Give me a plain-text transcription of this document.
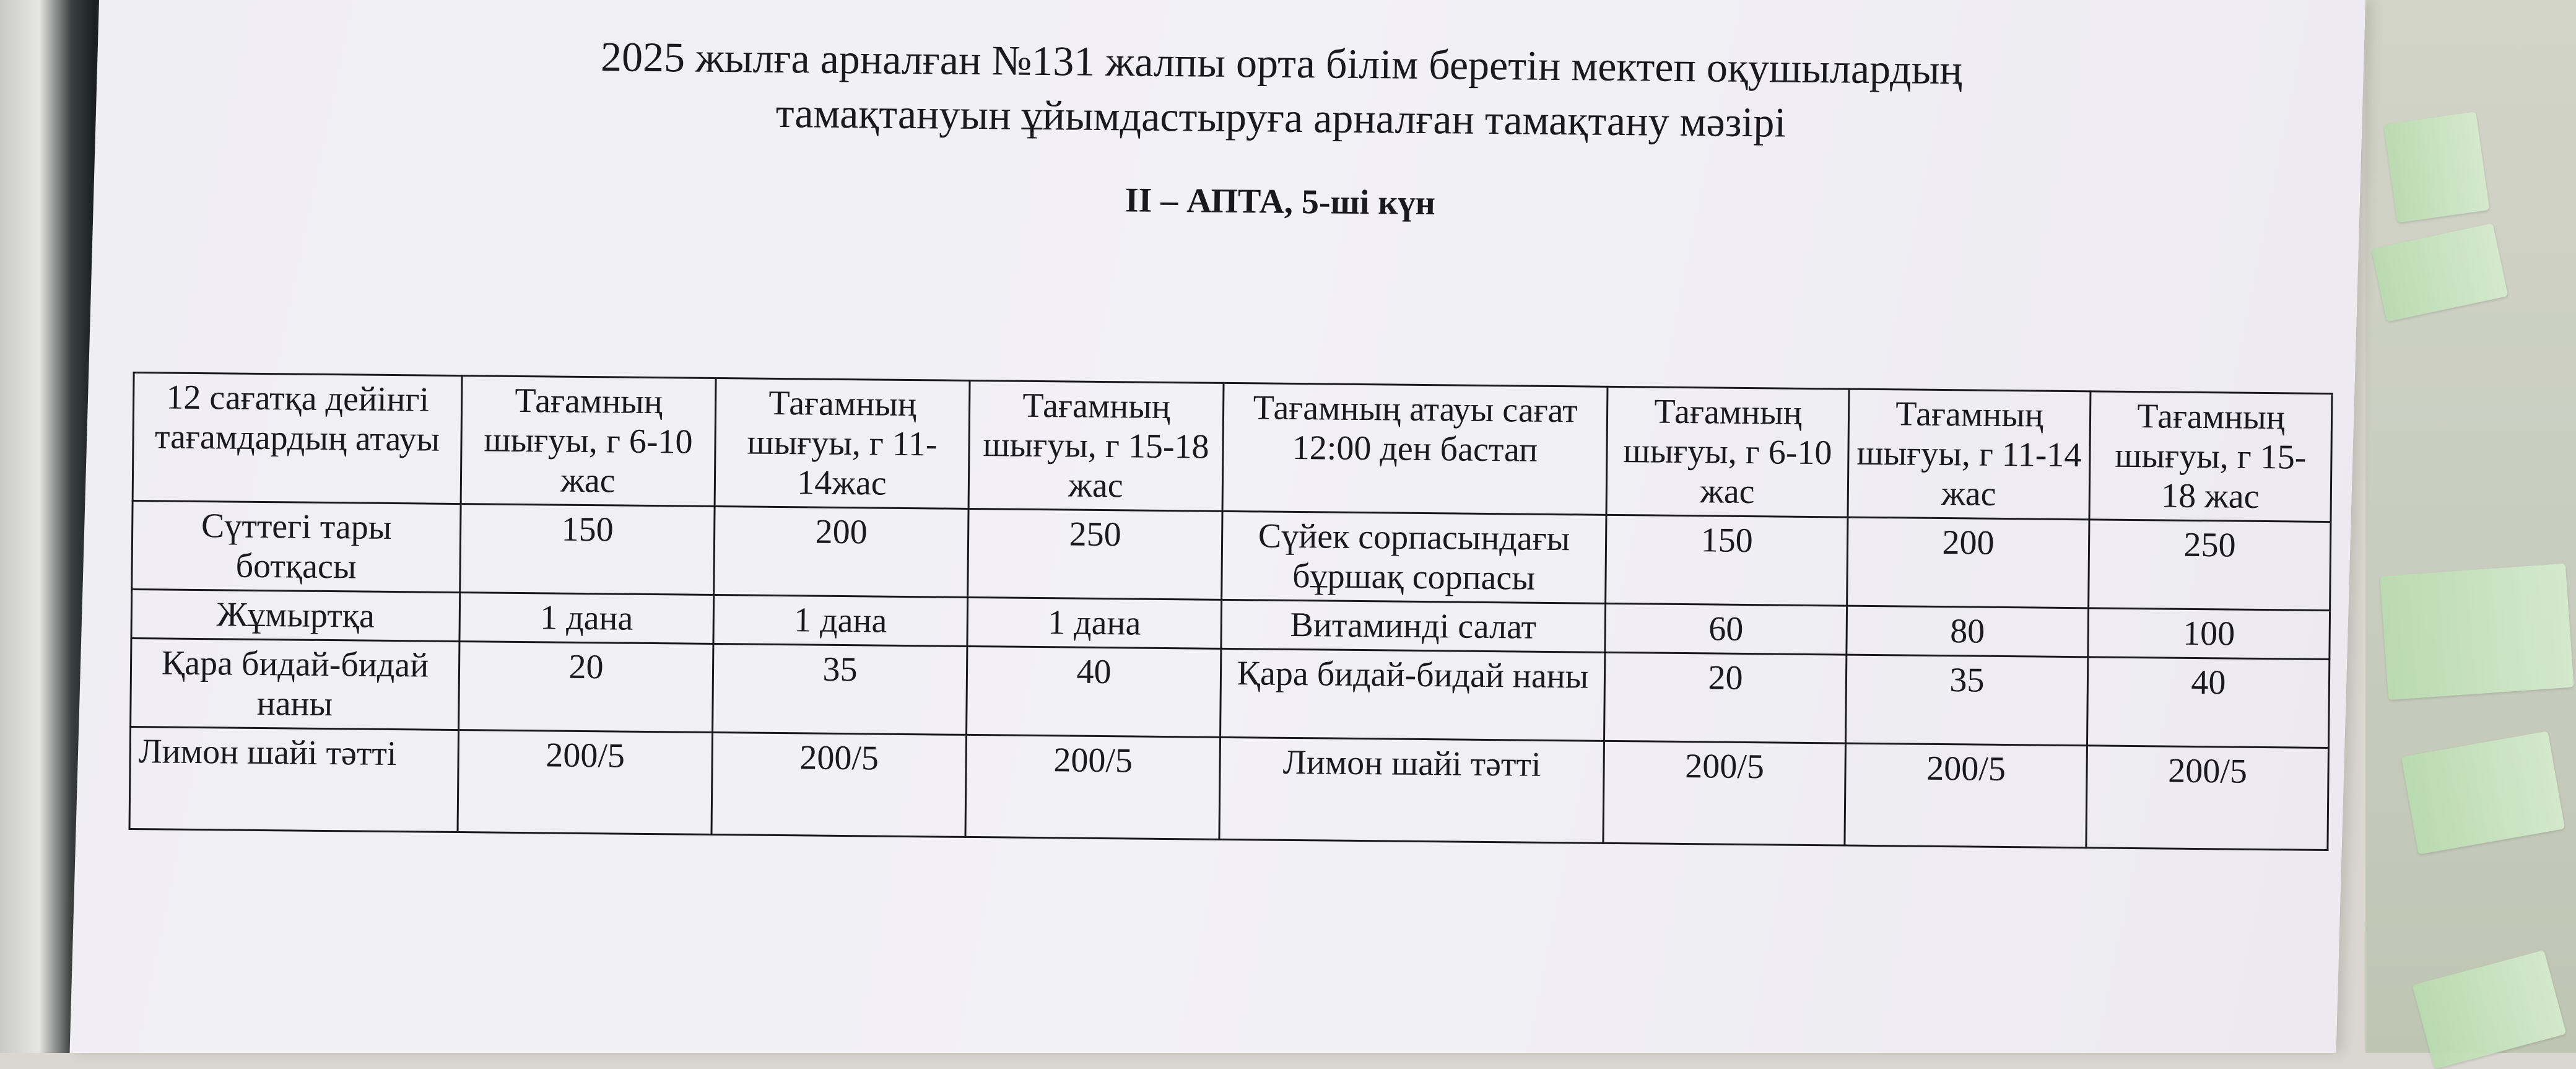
2025 жылға арналған №131 жалпы орта білім беретін мектеп оқушылардың
тамақтануын ұйымдастыруға арналған тамақтану мәзірі
II – АПТА, 5-ші күн
12 сағатқа дейінгі тағамдардың атауы	Тағамның шығуы, г 6-10 жас	Тағамның шығуы, г 11-14жас	Тағамның шығуы, г 15-18 жас	Тағамның атауы сағат 12:00 ден бастап	Тағамның шығуы, г 6-10 жас	Тағамның шығуы, г 11-14 жас	Тағамның шығуы, г 15-18 жас
Сүттегі тары ботқасы	150	200	250	Сүйек сорпасындағы бұршақ сорпасы	150	200	250
Жұмыртқа	1 дана	1 дана	1 дана	Витаминді салат	60	80	100
Қара бидай-бидай наны	20	35	40	Қара бидай-бидай наны	20	35	40
Лимон шайі тәтті	200/5	200/5	200/5	Лимон шайі тәтті	200/5	200/5	200/5
